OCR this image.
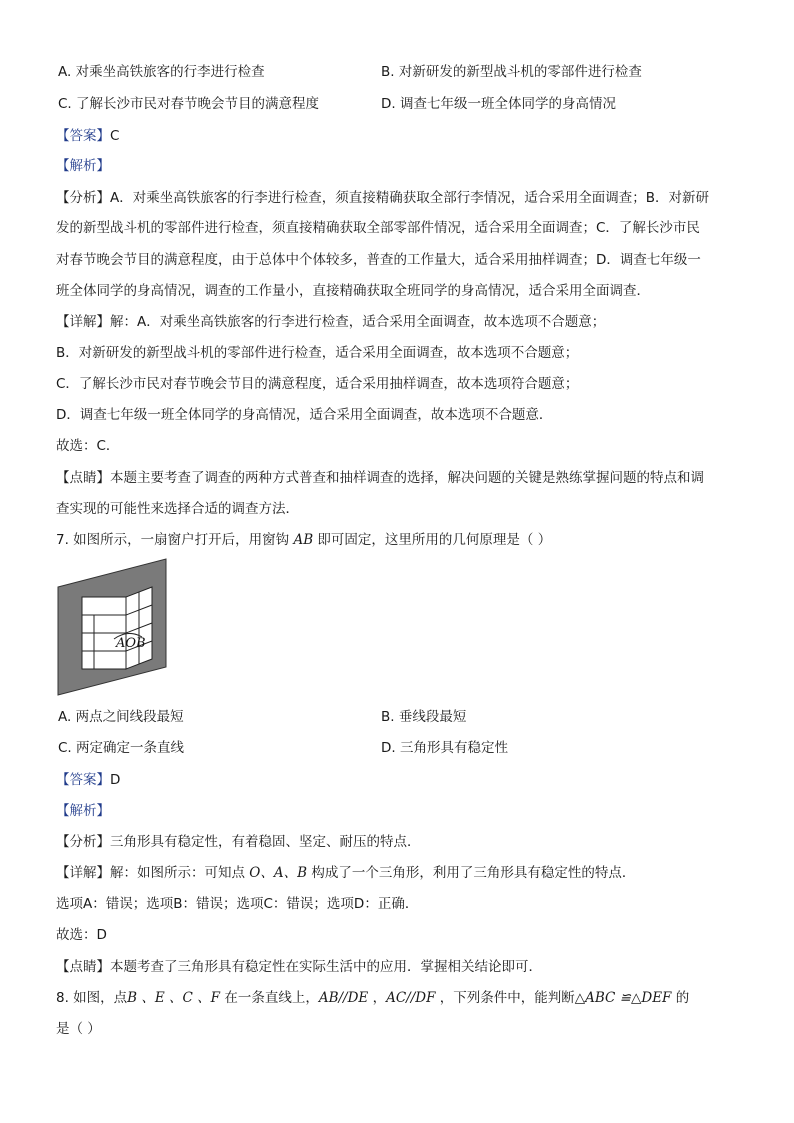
A. 对乘坐高铁旅客的行李进行检查	B. 对新研发的新型战斗机的零部件进行检查
C. 了解长沙市民对春节晚会节目的满意程度	D. 调查七年级一班全体同学的身高情况
【答案】C
【解析】
【分析】A．对乘坐高铁旅客的行李进行检查，须直接精确获取全部行李情况，适合采用全面调查；B．对新研
发的新型战斗机的零部件进行检查，须直接精确获取全部零部件情况，适合采用全面调查；C．了解长沙市民
对春节晚会节目的满意程度，由于总体中个体较多，普查的工作量大，适合采用抽样调查；D．调查七年级一
班全体同学的身高情况，调查的工作量小，直接精确获取全班同学的身高情况，适合采用全面调查．
【详解】解：A．对乘坐高铁旅客的行李进行检查，适合采用全面调查，故本选项不合题意；
B．对新研发的新型战斗机的零部件进行检查，适合采用全面调查，故本选项不合题意；
C．了解长沙市民对春节晚会节目的满意程度，适合采用抽样调查，故本选项符合题意；
D．调查七年级一班全体同学的身高情况，适合采用全面调查，故本选项不合题意．
故选：C．
【点睛】本题主要考查了调查的两种方式普查和抽样调查的选择，解决问题的关键是熟练掌握问题的特点和调
查实现的可能性来选择合适的调查方法．
7. 如图所示，一扇窗户打开后，用窗钩 AB 即可固定，这里所用的几何原理是（ ）
AOB
A. 两点之间线段最短	B. 垂线段最短
C. 两定确定一条直线	D. 三角形具有稳定性
【答案】D
【解析】
【分析】三角形具有稳定性，有着稳固、坚定、耐压的特点．
【详解】解：如图所示：可知点 O、A、B 构成了一个三角形，利用了三角形具有稳定性的特点．
选项A：错误；选项B：错误；选项C：错误；选项D：正确．
故选：D
【点睛】本题考查了三角形具有稳定性在实际生活中的应用．掌握相关结论即可．
8. 如图，点B 、E 、C 、F 在一条直线上，AB//DE ，AC//DF ，下列条件中，能判断△ABC ≌△DEF 的
是（ ）
